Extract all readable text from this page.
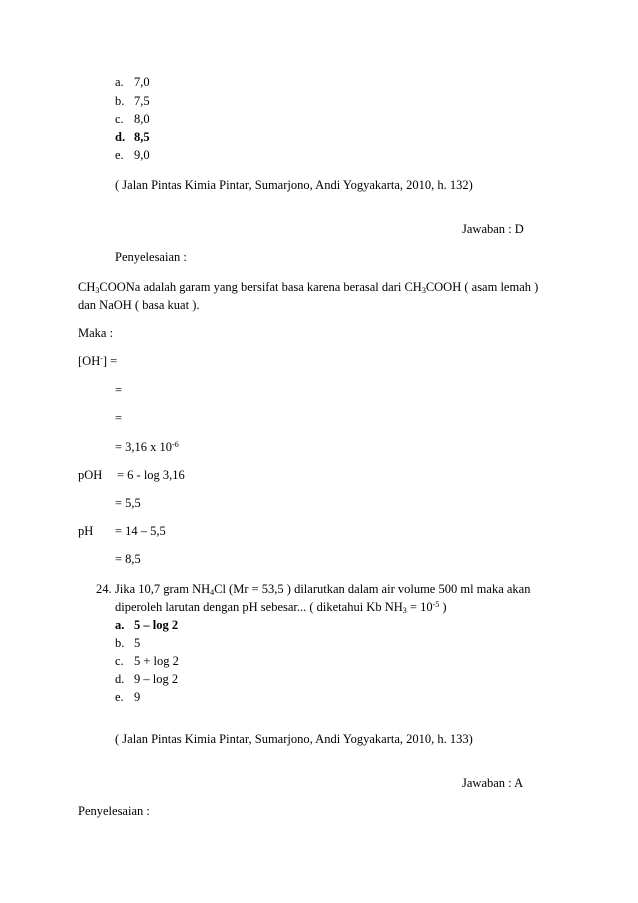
a. 7,0
b. 7,5
c. 8,0
d. 8,5
e. 9,0
( Jalan Pintas Kimia Pintar, Sumarjono, Andi Yogyakarta, 2010, h. 132)
Jawaban : D
Penyelesaian :
$CH_3COONa$ adalah garam yang bersifat basa karena berasal dari $CH_3COOH$ ( asam lemah )
dan NaOH ( basa kuat ).
Maka :
[OH-] =
=
=
= 3,16 x $10^{-6}$
pOH = 6 - log 3,16
= 5,5
pH = 14 – 5,5
= 8,5
24. Jika 10,7 gram $NH_4Cl$ (Mr = 53,5 ) dilarutkan dalam air volume 500 ml maka akan
diperoleh larutan dengan pH sebesar... ( diketahui Kb $NH_3 = 10^{-5}$ )
a. 5 – log 2
b. 5
c. 5 + log 2
d. 9 – log 2
e. 9
( Jalan Pintas Kimia Pintar, Sumarjono, Andi Yogyakarta, 2010, h. 133)
Jawaban : A
Penyelesaian :
